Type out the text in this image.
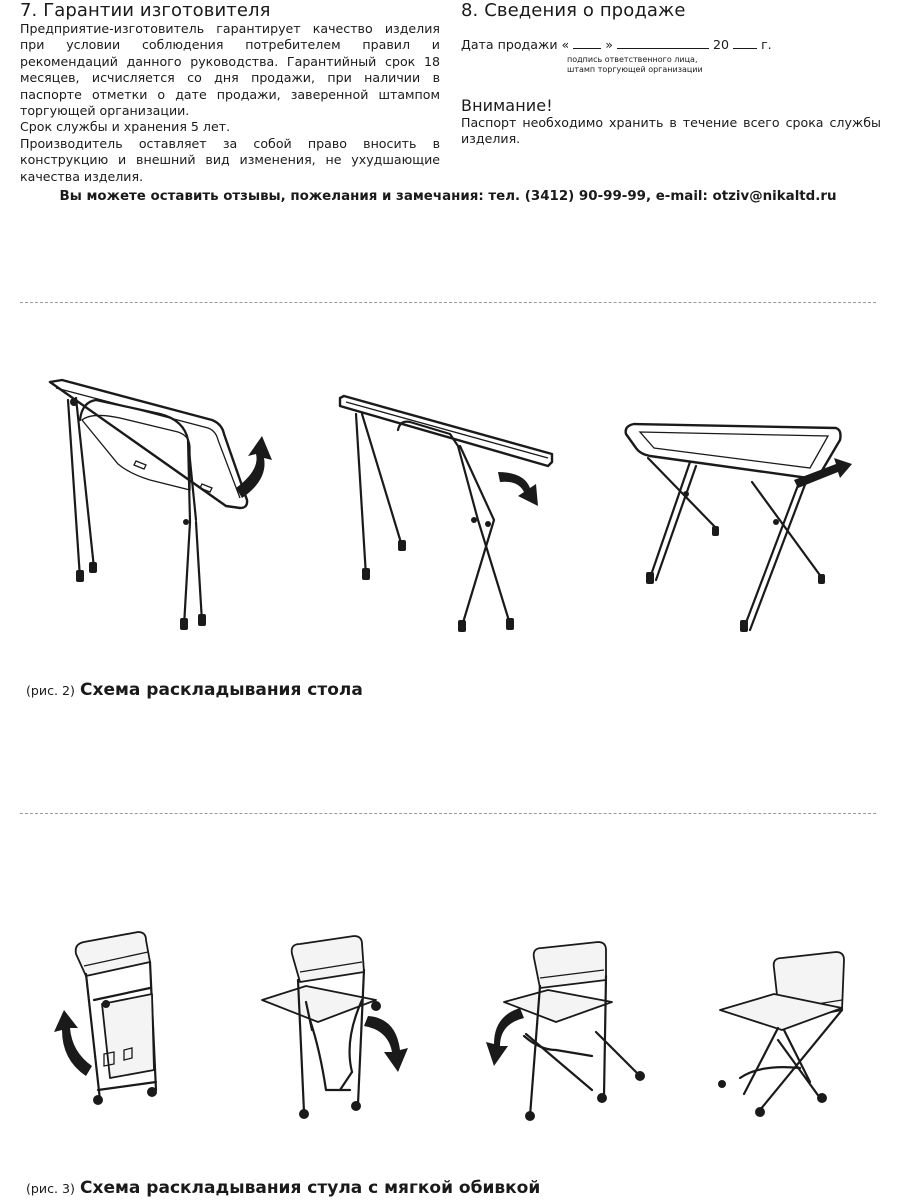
7. Гарантии изготовителя

Предприятие-изготовитель гарантирует качество изделия при условии соблюдения потребителем правил и рекомендаций данного руководства. Гарантийный срок 18 месяцев, исчисляется со дня продажи, при наличии в паспорте отметки о дате продажи, заверенной штампом торгующей организации.

Срок службы и хранения 5 лет.

Производитель оставляет за собой право вносить в конструкцию и внешний вид изменения, не ухудшающие качества изделия.

8. Сведения о продаже
Дата продажи «	»	20	г.
подпись ответственного лица,
штамп торгующей организации
Внимание!

Паспорт необходимо хранить в течение всего срока службы изделия.

Вы можете оставить отзывы, пожелания и замечания: тел. (3412) 90-99-99, e-mail: otziv@nikaltd.ru
(рис. 2) Схема раскладывания стола
(рис. 3) Схема раскладывания стула с мягкой обивкой
